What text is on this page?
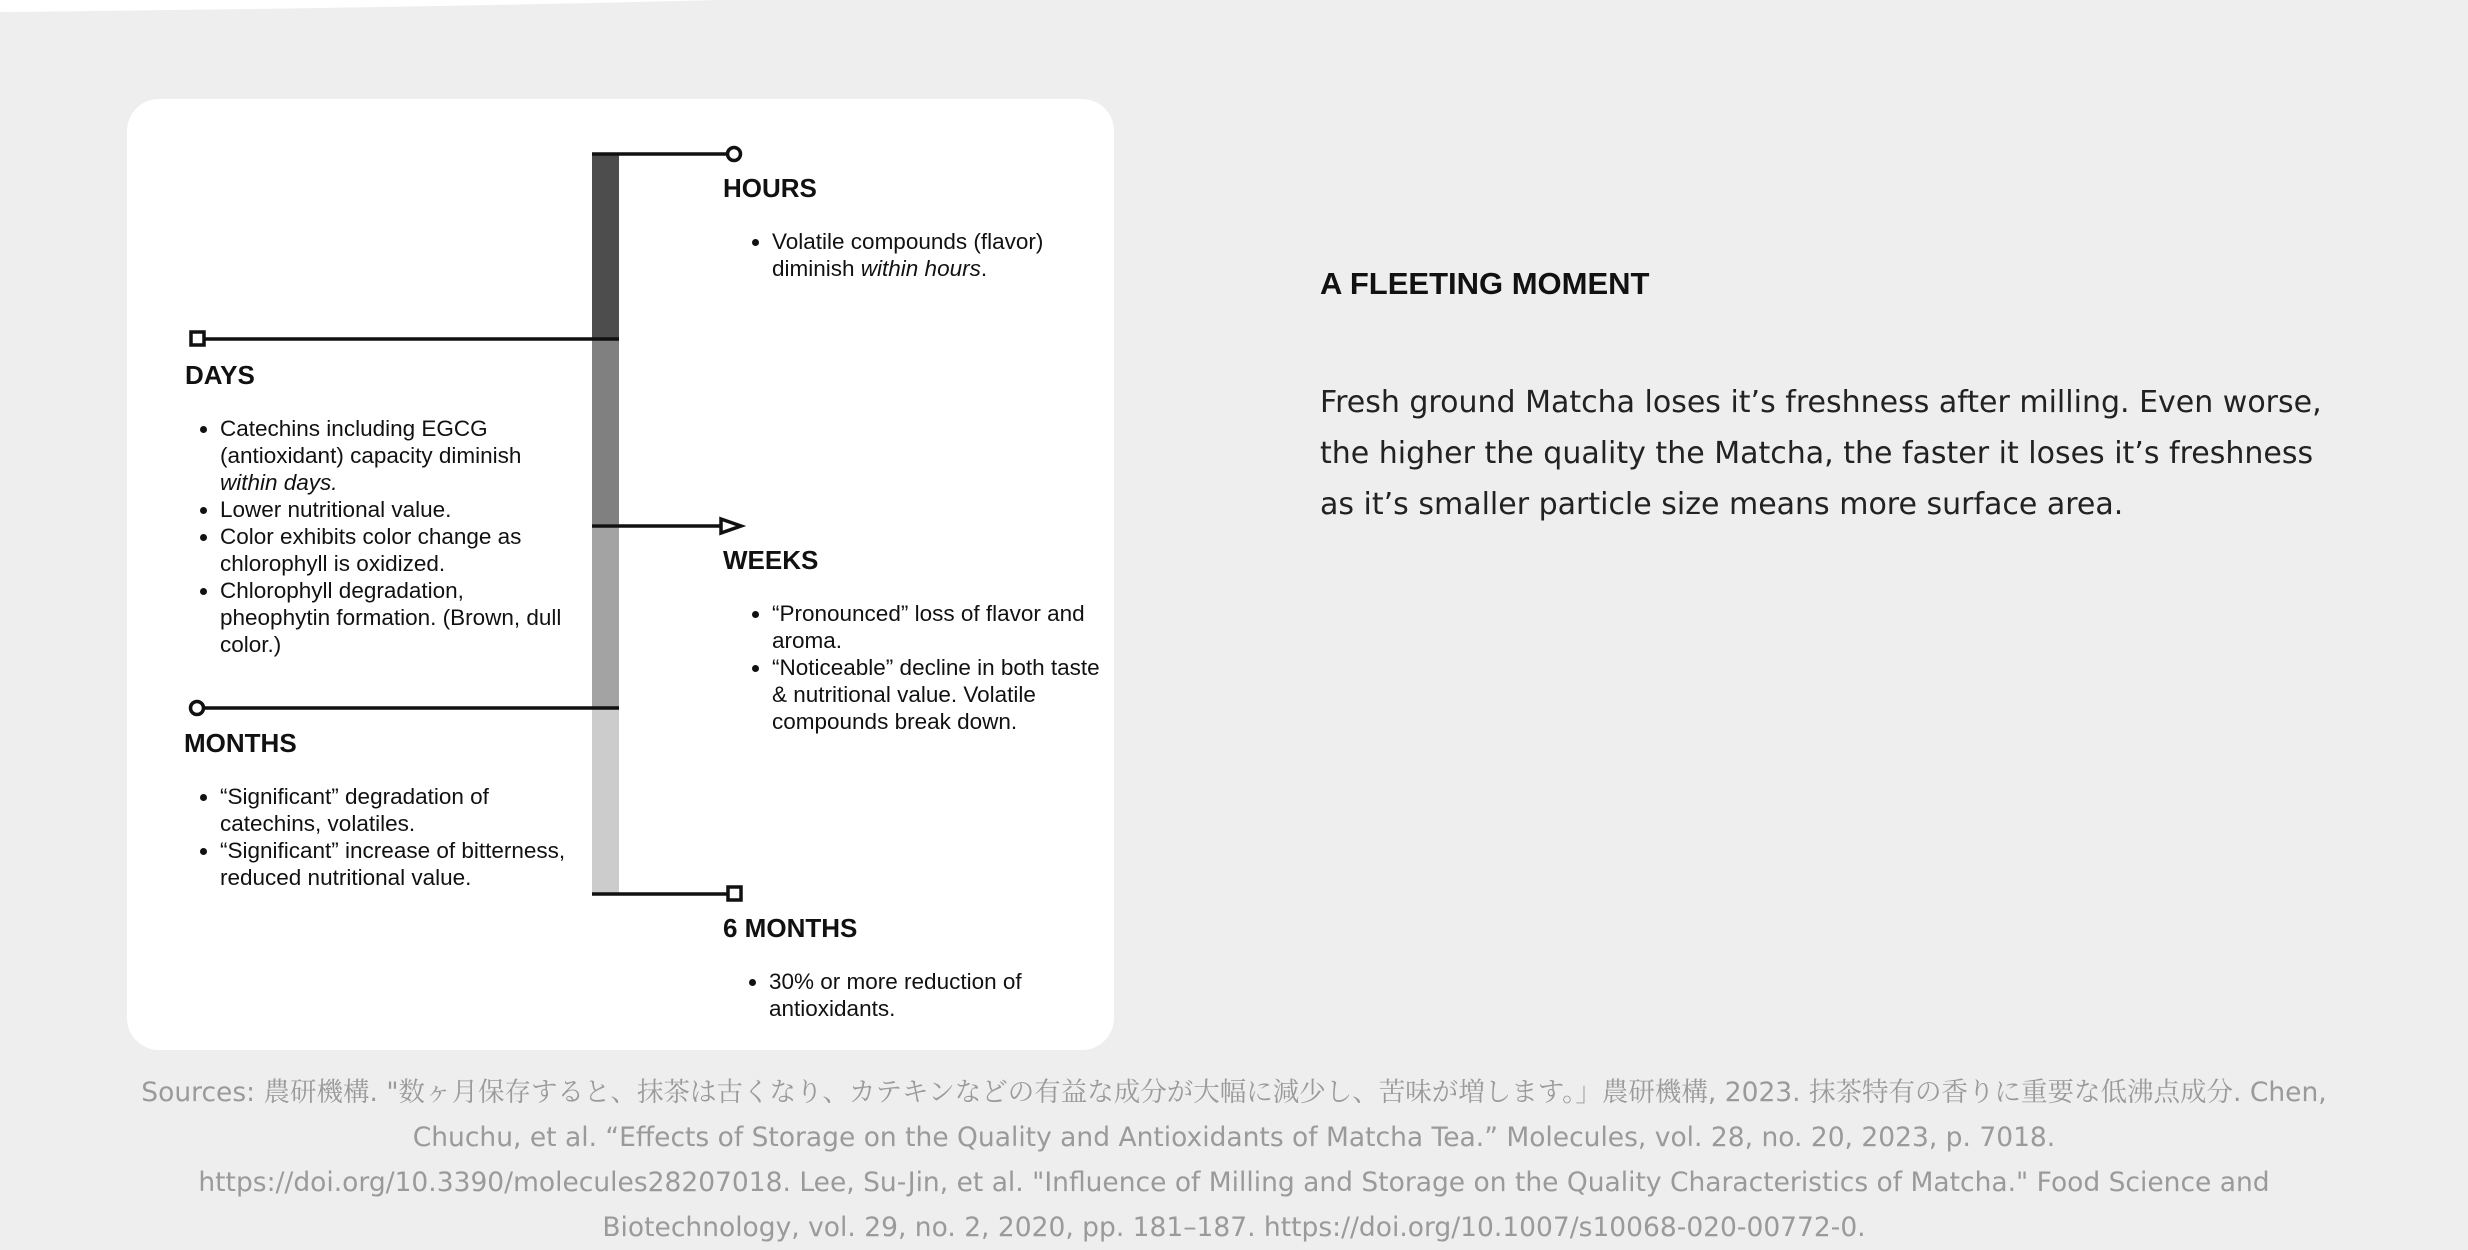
HOURS
• Volatile compounds (flavor) diminish within hours.
DAYS
• Catechins including EGCG (antioxidant) capacity diminish within days.
• Lower nutritional value.
• Color exhibits color change as chlorophyll is oxidized.
• Chlorophyll degradation, pheophytin formation. (Brown, dull color.)
WEEKS
• “Pronounced” loss of flavor and aroma.
• “Noticeable” decline in both taste & nutritional value. Volatile compounds break down.
MONTHS
• “Significant” degradation of catechins, volatiles.
• “Significant” increase of bitterness, reduced nutritional value.
6 MONTHS
• 30% or more reduction of antioxidants.
A FLEETING MOMENT

Fresh ground Matcha loses it’s freshness after milling. Even worse, the higher the quality the Matcha, the faster it loses it’s freshness as it’s smaller particle size means more surface area.

Sources: 農研機構. "数ヶ月保存すると、抹茶は古くなり、カテキンなどの有益な成分が大幅に減少し、苦味が増します。」農研機構, 2023. 抹茶特有の香りに重要な低沸点成分. Chen, Chuchu, et al. “Effects of Storage on the Quality and Antioxidants of Matcha Tea.” Molecules, vol. 28, no. 20, 2023, p. 7018. https://doi.org/10.3390/molecules28207018. Lee, Su-Jin, et al. "Influence of Milling and Storage on the Quality Characteristics of Matcha." Food Science and Biotechnology, vol. 29, no. 2, 2020, pp. 181–187. https://doi.org/10.1007/s10068-020-00772-0.
